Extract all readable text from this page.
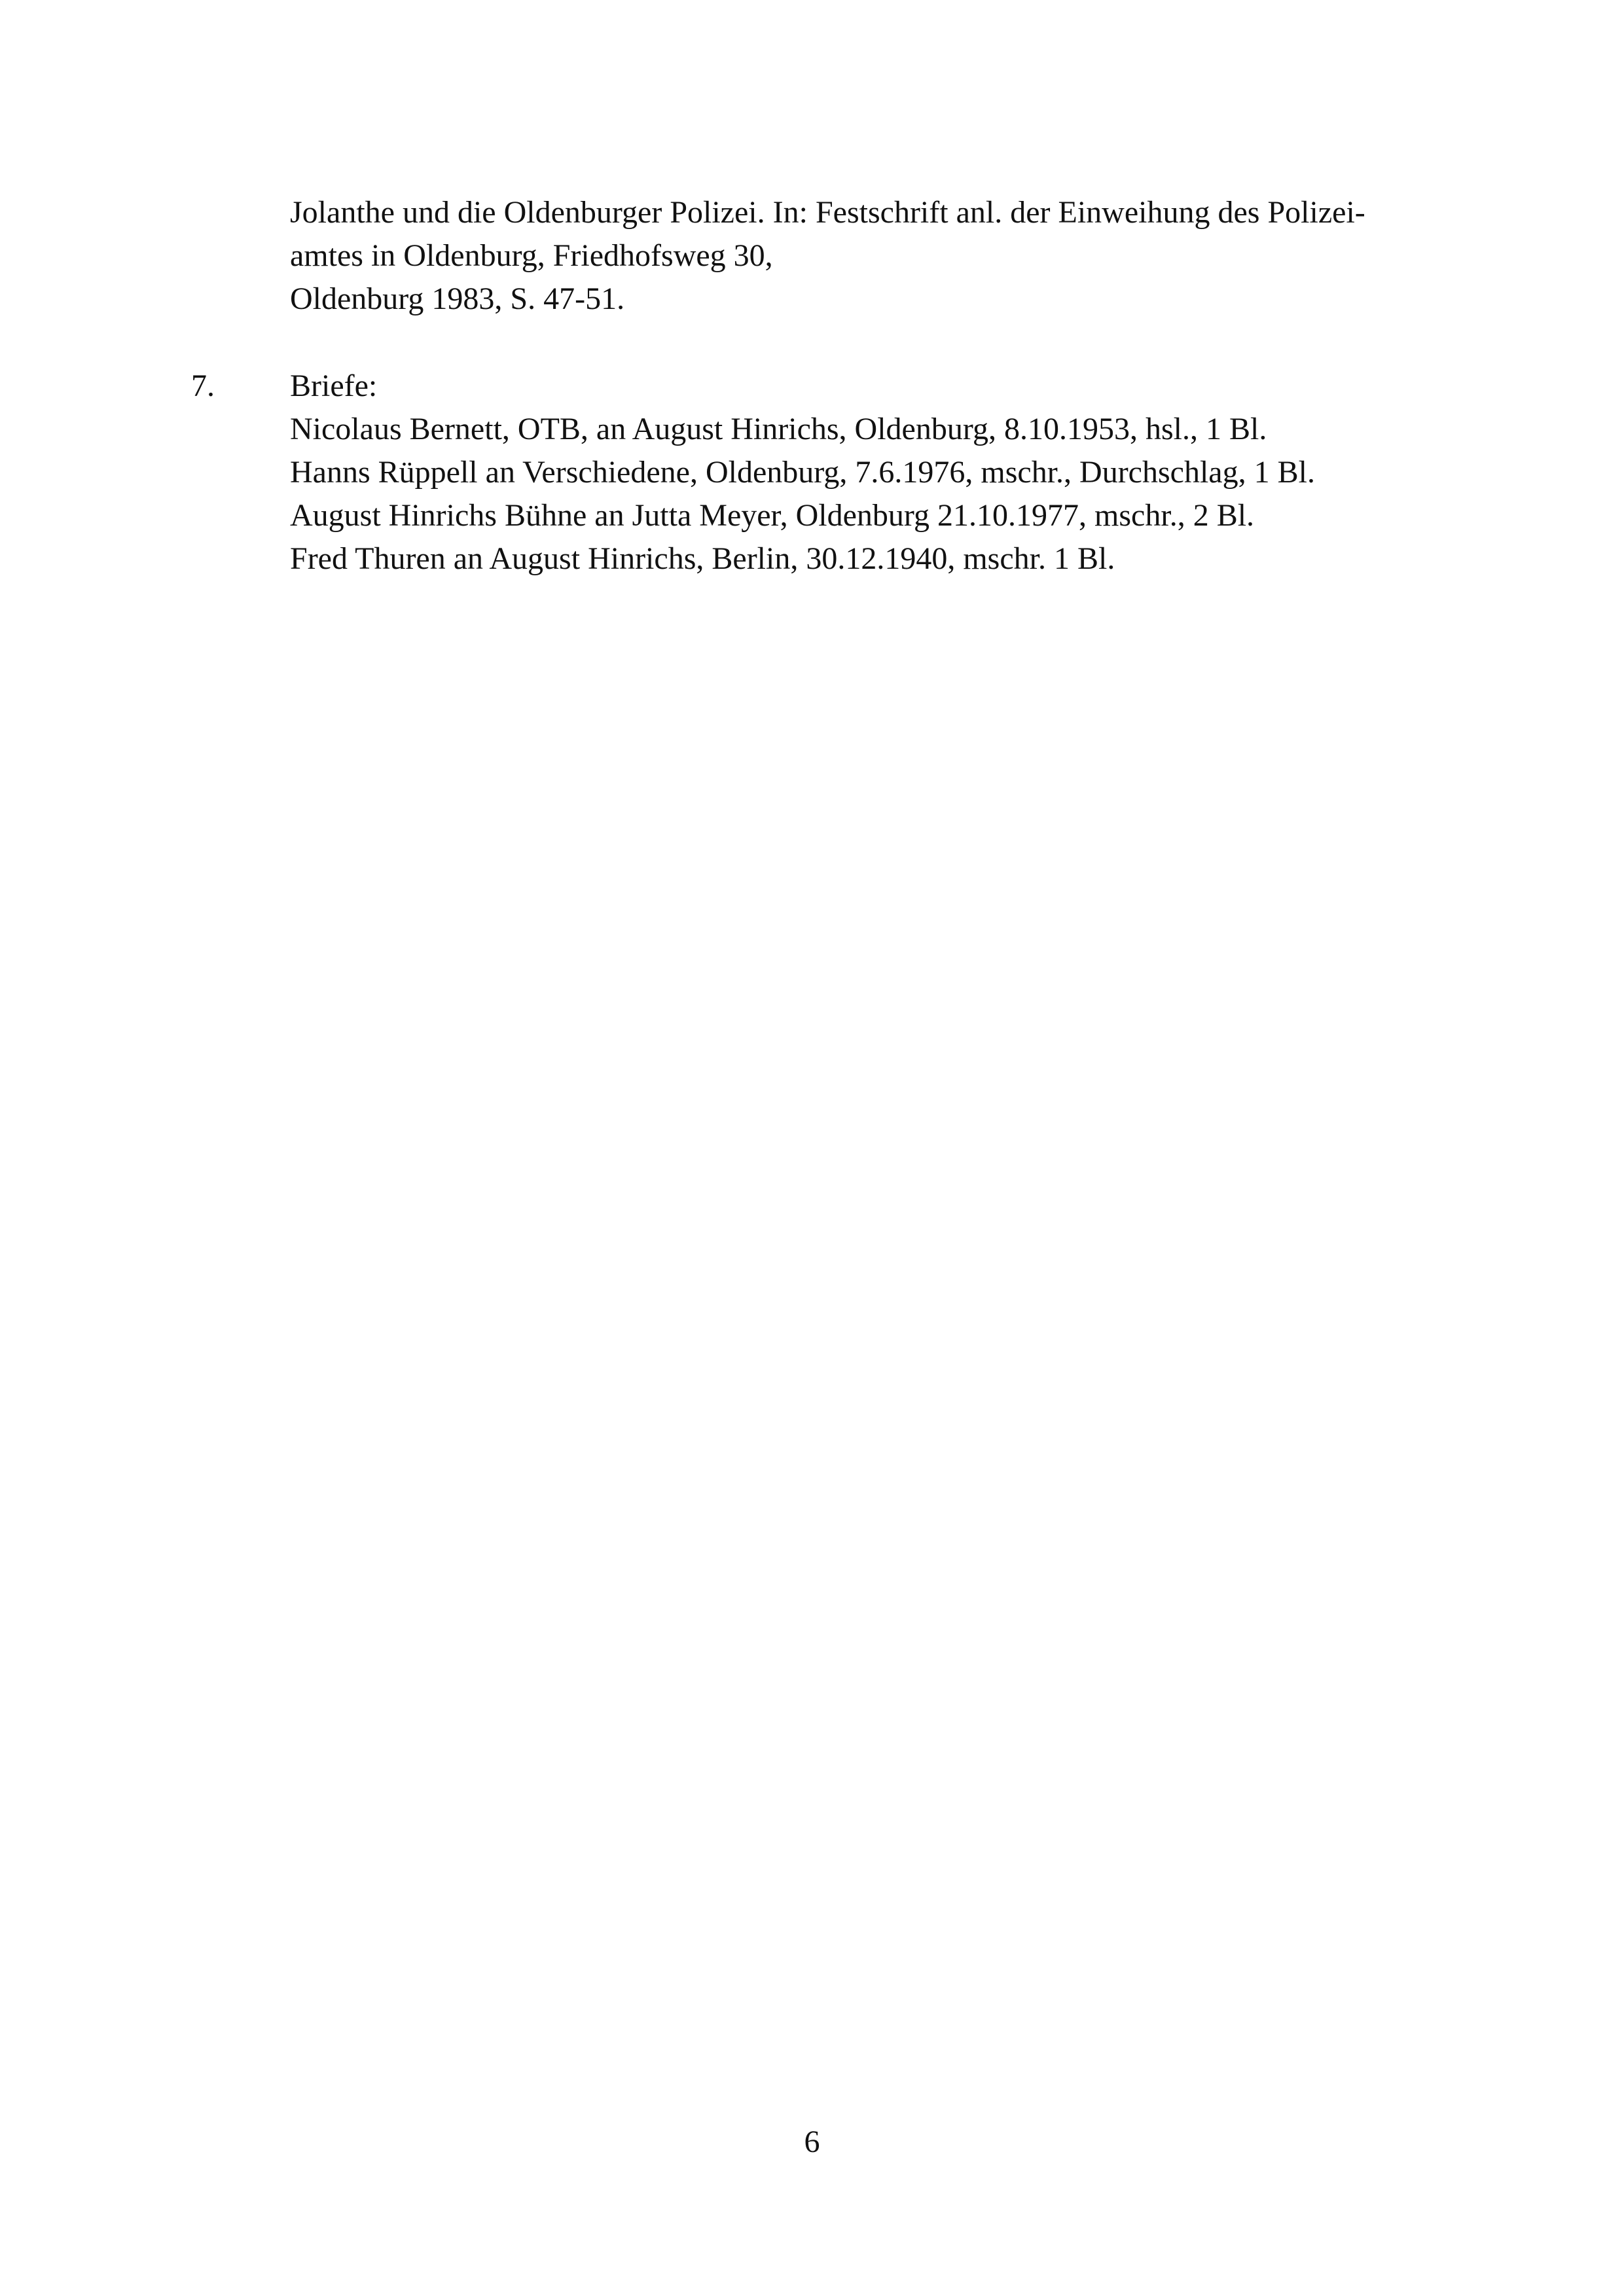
Jolanthe und die Oldenburger Polizei. In: Festschrift anl. der Einweihung des Polizei-
amtes in Oldenburg, Friedhofsweg 30,
Oldenburg 1983, S. 47-51.
7. Briefe:
Nicolaus Bernett, OTB, an August Hinrichs, Oldenburg, 8.10.1953, hsl., 1 Bl.
Hanns Rüppell an Verschiedene, Oldenburg, 7.6.1976, mschr., Durchschlag, 1 Bl.
August Hinrichs Bühne an Jutta Meyer, Oldenburg 21.10.1977, mschr., 2 Bl.
Fred Thuren an August Hinrichs, Berlin, 30.12.1940, mschr. 1 Bl.
6
